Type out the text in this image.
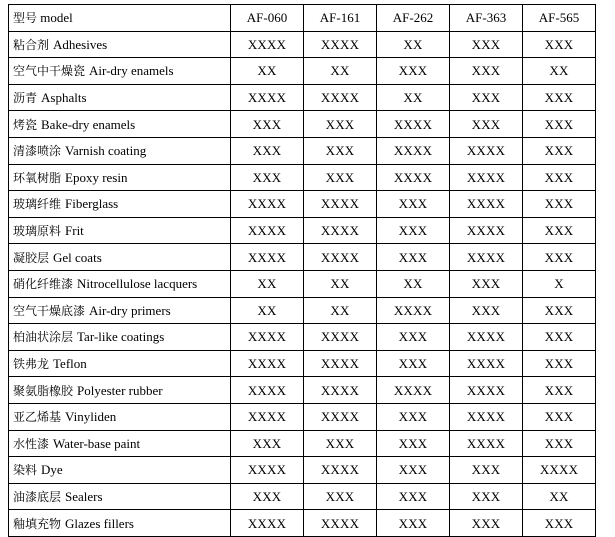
型号 model	AF-060	AF-161	AF-262	AF-363	AF-565
粘合剂 Adhesives	XXXX	XXXX	XX	XXX	XXX
空气中干燥瓷 Air-dry enamels	XX	XX	XXX	XXX	XX
沥青 Asphalts	XXXX	XXXX	XX	XXX	XXX
烤瓷 Bake-dry enamels	XXX	XXX	XXXX	XXX	XXX
清漆喷涂 Varnish coating	XXX	XXX	XXXX	XXXX	XXX
环氧树脂 Epoxy resin	XXX	XXX	XXXX	XXXX	XXX
玻璃纤维 Fiberglass	XXXX	XXXX	XXX	XXXX	XXX
玻璃原料 Frit	XXXX	XXXX	XXX	XXXX	XXX
凝胶层 Gel coats	XXXX	XXXX	XXX	XXXX	XXX
硝化纤维漆 Nitrocellulose lacquers	XX	XX	XX	XXX	X
空气干燥底漆 Air-dry primers	XX	XX	XXXX	XXX	XXX
柏油状涂层 Tar-like coatings	XXXX	XXXX	XXX	XXXX	XXX
铁弗龙 Teflon	XXXX	XXXX	XXX	XXXX	XXX
聚氨脂橡胶 Polyester rubber	XXXX	XXXX	XXXX	XXXX	XXX
亚乙烯基 Vinyliden	XXXX	XXXX	XXX	XXXX	XXX
水性漆 Water-base paint	XXX	XXX	XXX	XXXX	XXX
染料 Dye	XXXX	XXXX	XXX	XXX	XXXX
油漆底层 Sealers	XXX	XXX	XXX	XXX	XX
釉填充物 Glazes fillers	XXXX	XXXX	XXX	XXX	XXX
